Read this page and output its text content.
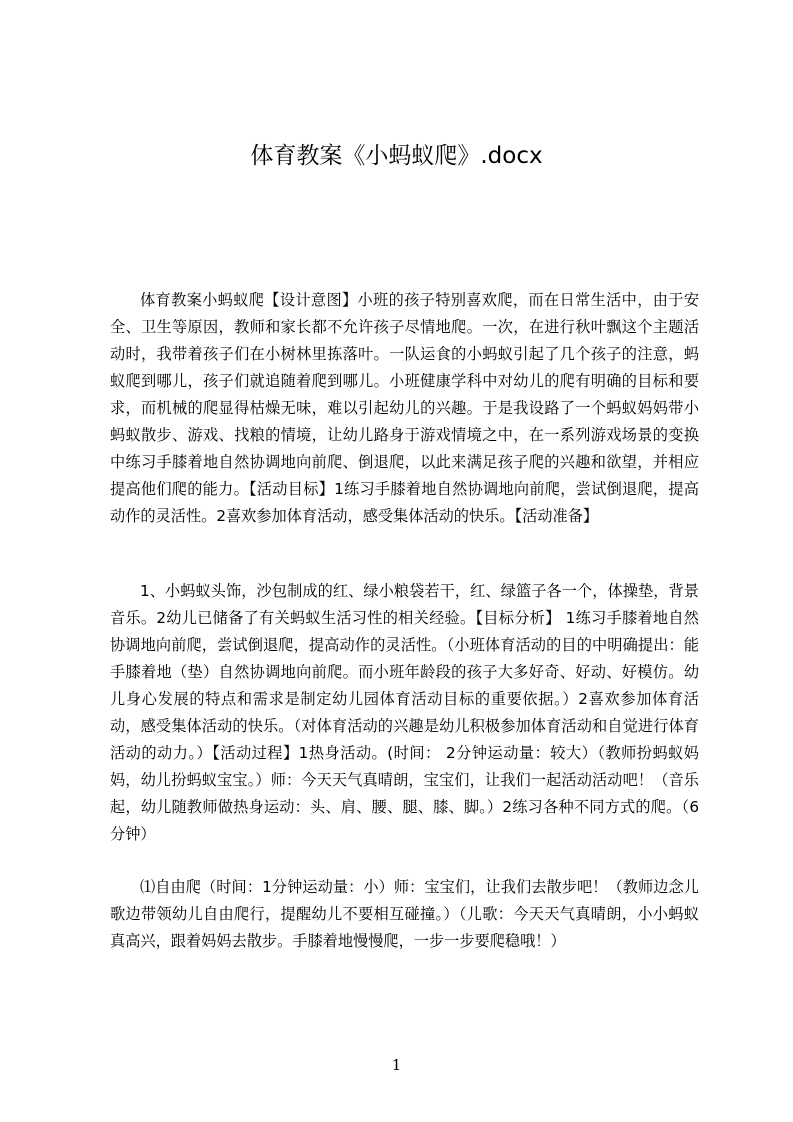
体育教案《小蚂蚁爬》.docx

体育教案小蚂蚁爬【设计意图】小班的孩子特别喜欢爬，而在日常生活中，由于安全、卫生等原因，教师和家长都不允许孩子尽情地爬。一次，在进行秋叶飘这个主题活动时，我带着孩子们在小树林里拣落叶。一队运食的小蚂蚁引起了几个孩子的注意，蚂蚁爬到哪儿，孩子们就追随着爬到哪儿。小班健康学科中对幼儿的爬有明确的目标和要求，而机械的爬显得枯燥无味，难以引起幼儿的兴趣。于是我设路了一个蚂蚁妈妈带小蚂蚁散步、游戏、找粮的情境，让幼儿路身于游戏情境之中，在一系列游戏场景的变换中练习手膝着地自然协调地向前爬、倒退爬，以此来满足孩子爬的兴趣和欲望，并相应提高他们爬的能力。【活动目标】1练习手膝着地自然协调地向前爬，尝试倒退爬，提高动作的灵活性。2喜欢参加体育活动，感受集体活动的快乐。【活动准备】

1、小蚂蚁头饰，沙包制成的红、绿小粮袋若干，红、绿篮子各一个，体操垫，背景音乐。2幼儿已储备了有关蚂蚁生活习性的相关经验。【目标分析】 1练习手膝着地自然协调地向前爬，尝试倒退爬，提高动作的灵活性。（小班体育活动的目的中明确提出：能手膝着地（垫）自然协调地向前爬。而小班年龄段的孩子大多好奇、好动、好模仿。幼儿身心发展的特点和需求是制定幼儿园体育活动目标的重要依据。）2喜欢参加体育活动，感受集体活动的快乐。（对体育活动的兴趣是幼儿积极参加体育活动和自觉进行体育活动的动力。）【活动过程】1热身活动。(时间： 2分钟运动量：较大）（教师扮蚂蚁妈妈，幼儿扮蚂蚁宝宝。）师：今天天气真晴朗，宝宝们，让我们一起活动活动吧！（音乐起，幼儿随教师做热身运动：头、肩、腰、腿、膝、脚。）2练习各种不同方式的爬。（6分钟）

⑴自由爬（时间：1分钟运动量：小）师：宝宝们，让我们去散步吧！（教师边念儿歌边带领幼儿自由爬行，提醒幼儿不要相互碰撞。）（儿歌：今天天气真晴朗，小小蚂蚁真高兴，跟着妈妈去散步。手膝着地慢慢爬，一步一步要爬稳哦！）

1
